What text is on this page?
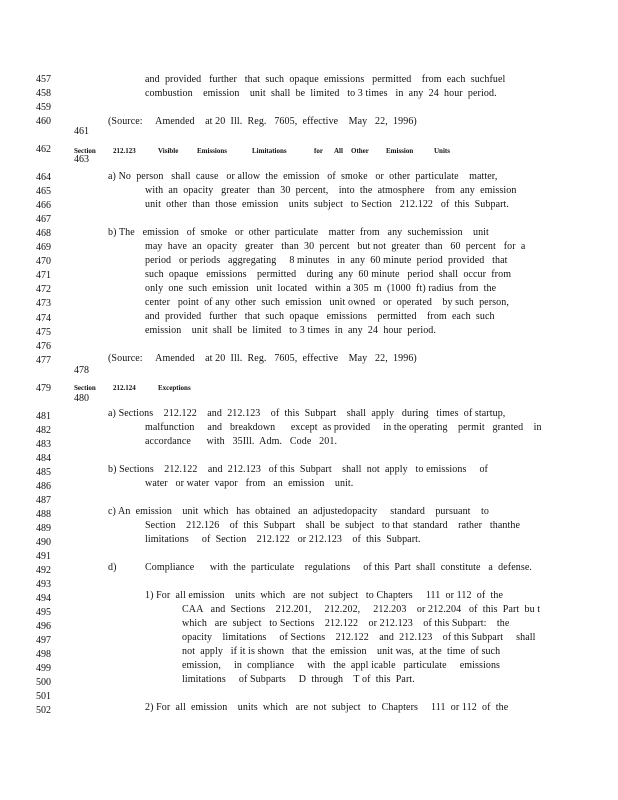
457
458
459
460
461
462
463
464
465
466
467
468
469
470
471
472
473
474
475
476
477
478
479
480
481
482
483
484
485
486
487
488
489
490
491
492
493
494
495
496
497
498
499
500
501
502
and  provided   further   that  such  opaque  emissions   permitted    from  each  suchfuel
combustion    emission    unit  shall  be  limited   to 3 times   in  any  24  hour  period.
(Source:     Amended    at 20  Ill.  Reg.   7605,  effective    May   22,  1996)
Section 212.123	Visible	Emissions	Limitations	for All Other Emission	Units
a) No  person   shall  cause   or allow  the  emission   of  smoke   or  other  particulate    matter,
with  an  opacity   greater   than  30  percent,    into  the  atmosphere    from  any  emission
unit  other  than  those  emission    units  subject   to Section   212.122   of  this  Subpart.
b) The   emission   of  smoke   or  other  particulate    matter  from   any  suchemission    unit
may  have  an  opacity   greater   than  30  percent   but not  greater  than   60  percent   for  a
period   or periods   aggregating     8 minutes   in  any  60 minute  period  provided   that
such  opaque   emissions    permitted    during  any  60 minute   period  shall  occur  from
only  one  such  emission   unit  located   within  a 305  m  (1000  ft) radius  from  the
center   point  of any  other  such  emission   unit owned   or  operated    by such  person,
and  provided   further   that  such  opaque   emissions    permitted    from  each  such
emission    unit  shall  be  limited   to 3 times  in  any  24  hour  period.
(Source:     Amended    at 20  Ill.  Reg.   7605,  effective    May   22,  1996)
Section 212.124	Exceptions
a) Sections    212.122    and  212.123    of  this  Subpart    shall  apply   during   times  of startup,
malfunction     and   breakdown      except  as provided     in the operating    permit   granted    in
accordance      with   35Ill.  Adm.   Code   201.
b) Sections    212.122    and  212.123   of this  Subpart    shall  not  apply   to emissions     of
water   or water  vapor   from   an  emission    unit.
c) An  emission    unit  which   has  obtained   an  adjustedopacity     standard    pursuant    to
Section    212.126    of  this  Subpart    shall  be  subject   to that  standard    rather   thanthe
limitations     of  Section    212.122   or 212.123    of  this  Subpart.
d)	Compliance      with  the  particulate    regulations     of this  Part  shall  constitute   a  defense.
1) For  all emission    units  which   are  not  subject   to Chapters     111  or 112  of  the
CAA   and  Sections    212.201,     212.202,     212.203    or 212.204   of  this  Part  bu t
which   are  subject   to Sections    212.122    or 212.123    of this Subpart:    the
opacity    limitations     of Sections    212.122    and  212.123    of this Subpart     shall
not  apply   if it is shown   that  the  emission    unit was,  at the  time  of such
emission,     in  compliance     with   the  appl icable   particulate     emissions
limitations     of Subparts     D  through    T of  this  Part.
2) For  all  emission    units  which   are  not  subject   to  Chapters     111  or 112  of  the
